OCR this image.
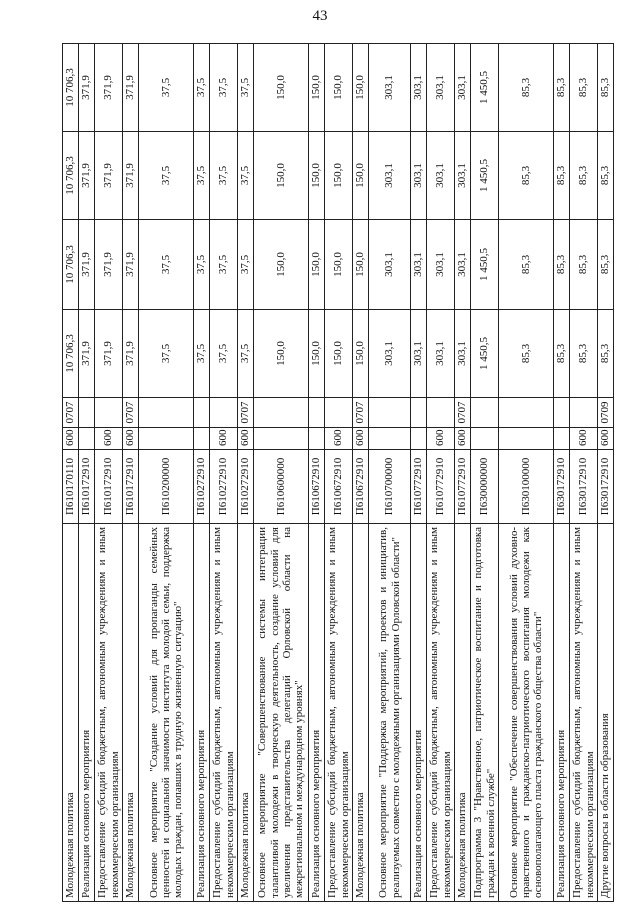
43
Молодежная политика	П610170110	600	0707	10 706,3	10 706,3	10 706,3	10 706,3
Реализация основного мероприятия	П610172910			371,9	371,9	371,9	371,9
Предоставление субсидий бюджетным, автономным учреждениям и иным некоммерческим организациям	П610172910	600		371,9	371,9	371,9	371,9
Молодежная политика	П610172910	600	0707	371,9	371,9	371,9	371,9
Основное мероприятие "Создание условий для пропаганды семейных ценностей и социальной значимости института молодой семьи, поддержка молодых граждан, попавших в трудную жизненную ситуацию"	П610200000			37,5	37,5	37,5	37,5
Реализация основного мероприятия	П610272910			37,5	37,5	37,5	37,5
Предоставление субсидий бюджетным, автономным учреждениям и иным некоммерческим организациям	П610272910	600		37,5	37,5	37,5	37,5
Молодежная политика	П610272910	600	0707	37,5	37,5	37,5	37,5
Основное мероприятие "Совершенствование системы интеграции талантливой молодежи в творческую деятельность, создание условий для увеличения представительства делегаций Орловской области на межрегиональном и международном уровнях"	П610600000			150,0	150,0	150,0	150,0
Реализация основного мероприятия	П610672910			150,0	150,0	150,0	150,0
Предоставление субсидий бюджетным, автономным учреждениям и иным некоммерческим организациям	П610672910	600		150,0	150,0	150,0	150,0
Молодежная политика	П610672910	600	0707	150,0	150,0	150,0	150,0
Основное мероприятие "Поддержка мероприятий, проектов и инициатив, реализуемых совместно с молодежными организациями Орловской области"	П610700000			303,1	303,1	303,1	303,1
Реализация основного мероприятия	П610772910			303,1	303,1	303,1	303,1
Предоставление субсидий бюджетным, автономным учреждениям и иным некоммерческим организациям	П610772910	600		303,1	303,1	303,1	303,1
Молодежная политика	П610772910	600	0707	303,1	303,1	303,1	303,1
Подпрограмма 3 "Нравственное, патриотическое воспитание и подготовка граждан к военной службе"	П630000000			1 450,5	1 450,5	1 450,5	1 450,5
Основное мероприятие "Обеспечение совершенствования условий духовно-нравственного и гражданско-патриотического воспитания молодежи как основополагающего пласта гражданского общества области"	П630100000			85,3	85,3	85,3	85,3
Реализация основного мероприятия	П630172910			85,3	85,3	85,3	85,3
Предоставление субсидий бюджетным, автономным учреждениям и иным некоммерческим организациям	П630172910	600		85,3	85,3	85,3	85,3
Другие вопросы в области образования	П630172910	600	0709	85,3	85,3	85,3	85,3
